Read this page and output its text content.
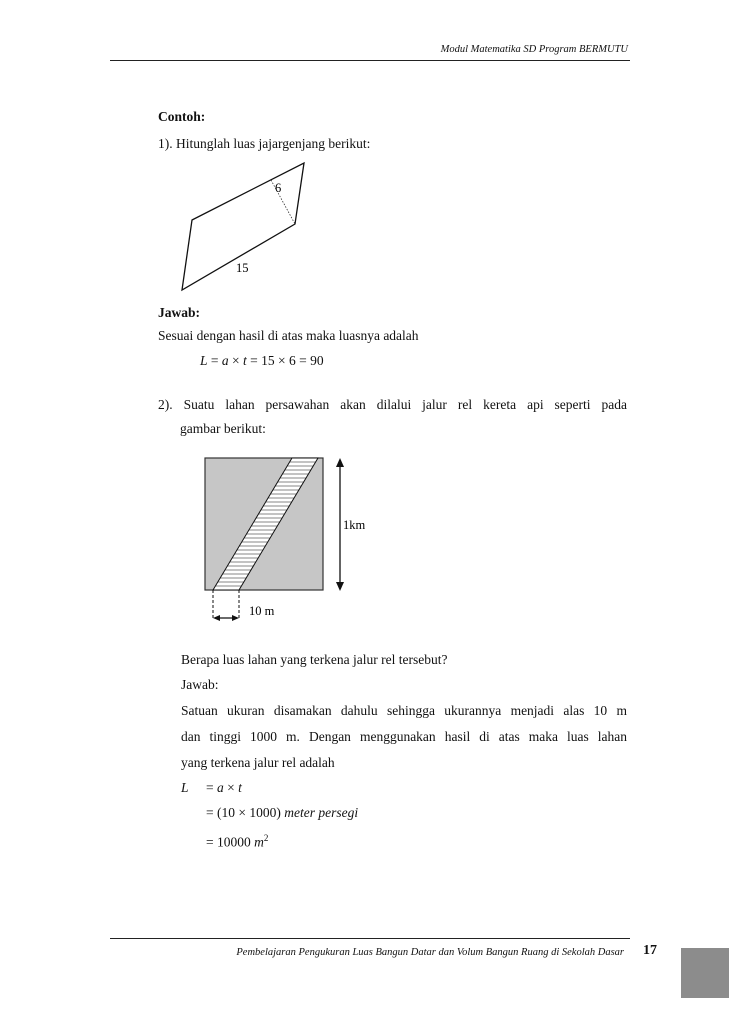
Modul Matematika SD Program BERMUTU
Contoh:
1). Hitunglah luas jajargenjang berikut:
6
15
Jawab:
Sesuai dengan hasil di atas maka luasnya adalah
L = a × t = 15 × 6 = 90
2). Suatu lahan persawahan akan dilalui jalur rel kereta api seperti pada
gambar berikut:
1km
10 m
Berapa luas lahan yang terkena jalur rel tersebut?
Jawab:
Satuan ukuran disamakan dahulu sehingga ukurannya menjadi alas 10 m
dan tinggi 1000 m. Dengan menggunakan hasil di atas maka luas lahan
yang terkena jalur rel adalah
L = a × t
= (10 × 1000) meter persegi
= 10000 $m^2$
Pembelajaran Pengukuran Luas Bangun Datar dan Volum Bangun Ruang di Sekolah Dasar 17
